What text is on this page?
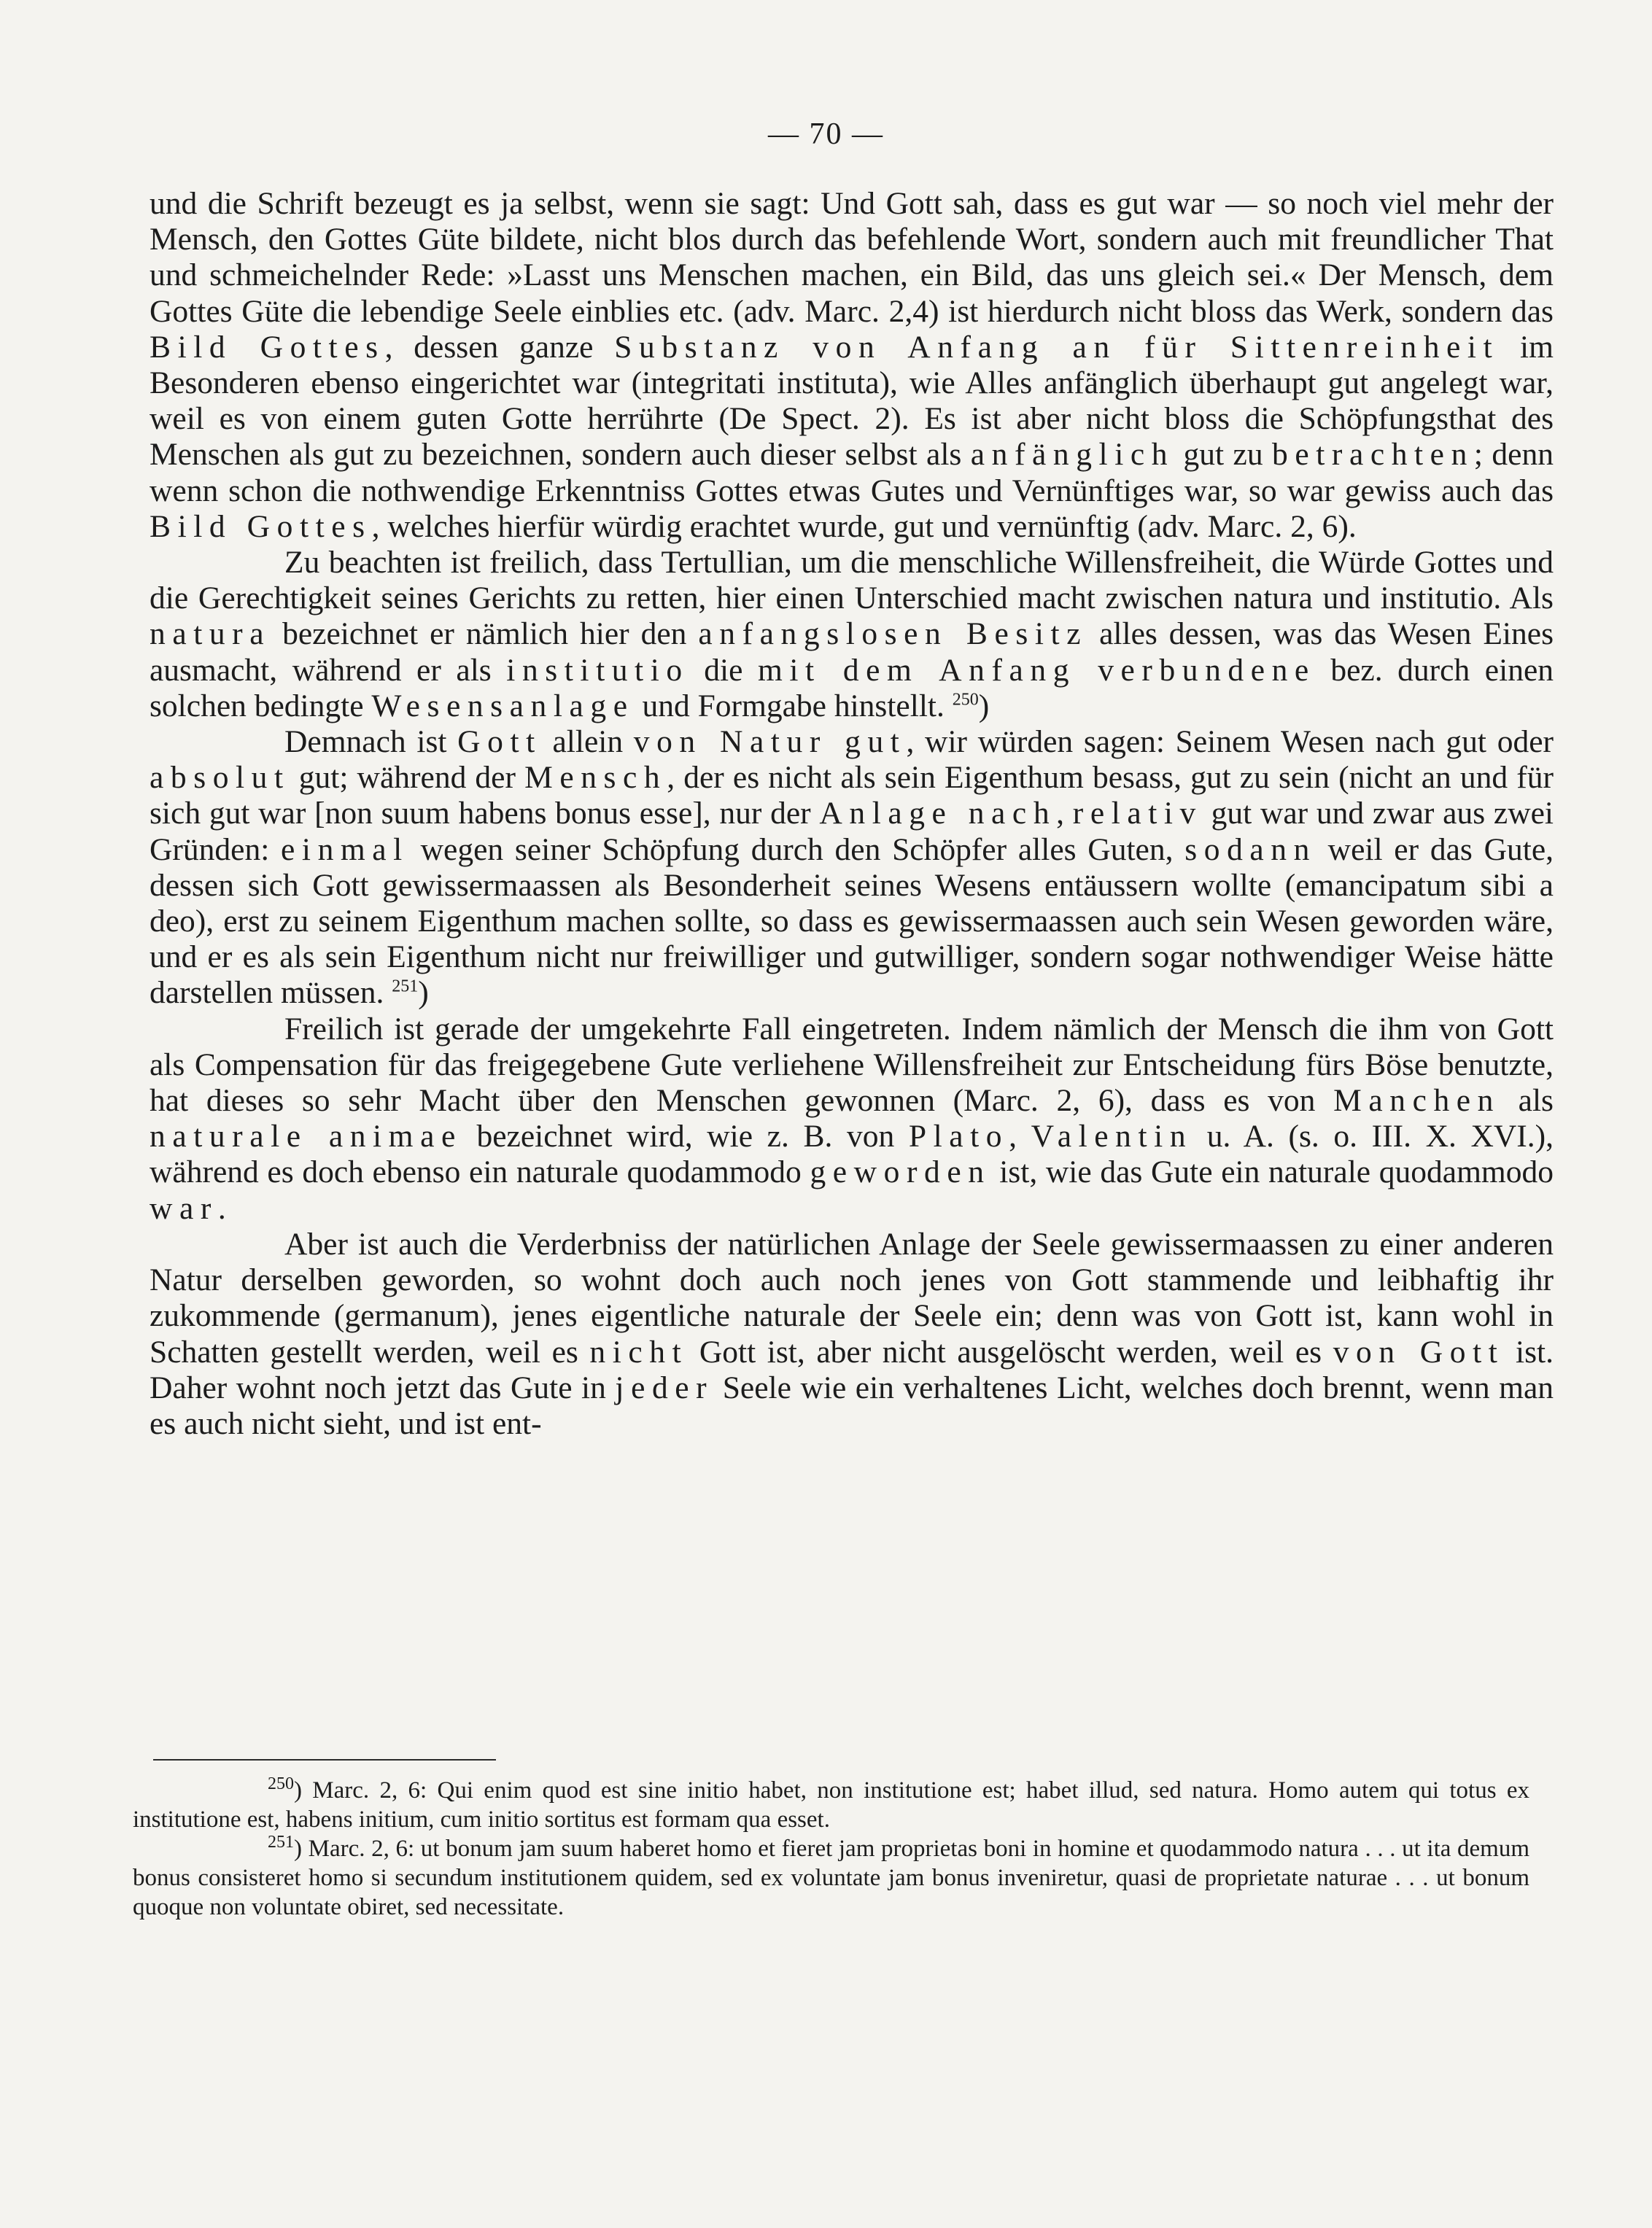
— 70 —

und die Schrift bezeugt es ja selbst, wenn sie sagt: Und Gott sah, dass es gut war — so noch viel mehr der Mensch, den Gottes Güte bildete, nicht blos durch das befehlende Wort, sondern auch mit freundlicher That und schmeichelnder Rede: »Lasst uns Menschen machen, ein Bild, das uns gleich sei.« Der Mensch, dem Gottes Güte die lebendige Seele einblies etc. (adv. Marc. 2,4) ist hierdurch nicht bloss das Werk, sondern das Bild Gottes, dessen ganze Substanz von Anfang an für Sittenreinheit im Besonderen ebenso eingerichtet war (integritati instituta), wie Alles anfänglich überhaupt gut angelegt war, weil es von einem guten Gotte herrührte (De Spect. 2). Es ist aber nicht bloss die Schöpfungsthat des Menschen als gut zu bezeichnen, sondern auch dieser selbst als anfänglich gut zu betrachten; denn wenn schon die nothwendige Erkenntniss Gottes etwas Gutes und Vernünftiges war, so war gewiss auch das Bild Gottes, welches hierfür würdig erachtet wurde, gut und vernünftig (adv. Marc. 2, 6).

Zu beachten ist freilich, dass Tertullian, um die menschliche Willensfreiheit, die Würde Gottes und die Gerechtigkeit seines Gerichts zu retten, hier einen Unterschied macht zwischen natura und institutio. Als natura bezeichnet er nämlich hier den anfangslosen Besitz alles dessen, was das Wesen Eines ausmacht, während er als institutio die mit dem Anfang verbundene bez. durch einen solchen bedingte Wesensanlage und Formgabe hinstellt. $^{250}$)

Demnach ist Gott allein von Natur gut, wir würden sagen: Seinem Wesen nach gut oder absolut gut; während der Mensch, der es nicht als sein Eigenthum besass, gut zu sein (nicht an und für sich gut war [non suum habens bonus esse], nur der Anlage nach, relativ gut war und zwar aus zwei Gründen: einmal wegen seiner Schöpfung durch den Schöpfer alles Guten, sodann weil er das Gute, dessen sich Gott gewissermaassen als Besonderheit seines Wesens entäussern wollte (emancipatum sibi a deo), erst zu seinem Eigenthum machen sollte, so dass es gewissermaassen auch sein Wesen geworden wäre, und er es als sein Eigenthum nicht nur freiwilliger und gutwilliger, sondern sogar nothwendiger Weise hätte darstellen müssen. $^{251}$)

Freilich ist gerade der umgekehrte Fall eingetreten. Indem nämlich der Mensch die ihm von Gott als Compensation für das freigegebene Gute verliehene Willensfreiheit zur Entscheidung fürs Böse benutzte, hat dieses so sehr Macht über den Menschen gewonnen (Marc. 2, 6), dass es von Manchen als naturale animae bezeichnet wird, wie z. B. von Plato, Valentin u. A. (s. o. III. X. XVI.), während es doch ebenso ein naturale quodammodo geworden ist, wie das Gute ein naturale quodammodo war.

Aber ist auch die Verderbniss der natürlichen Anlage der Seele gewissermaassen zu einer anderen Natur derselben geworden, so wohnt doch auch noch jenes von Gott stammende und leibhaftig ihr zukommende (germanum), jenes eigentliche naturale der Seele ein; denn was von Gott ist, kann wohl in Schatten gestellt werden, weil es nicht Gott ist, aber nicht ausgelöscht werden, weil es von Gott ist. Daher wohnt noch jetzt das Gute in jeder Seele wie ein verhaltenes Licht, welches doch brennt, wenn man es auch nicht sieht, und ist ent-

$^{250}$) Marc. 2, 6: Qui enim quod est sine initio habet, non institutione est; habet illud, sed natura. Homo autem qui totus ex institutione est, habens initium, cum initio sortitus est formam qua esset.

$^{251}$) Marc. 2, 6: ut bonum jam suum haberet homo et fieret jam proprietas boni in homine et quodammodo natura . . . ut ita demum bonus consisteret homo si secundum institutionem quidem, sed ex voluntate jam bonus inveniretur, quasi de proprietate naturae . . . ut bonum quoque non voluntate obiret, sed necessitate.
